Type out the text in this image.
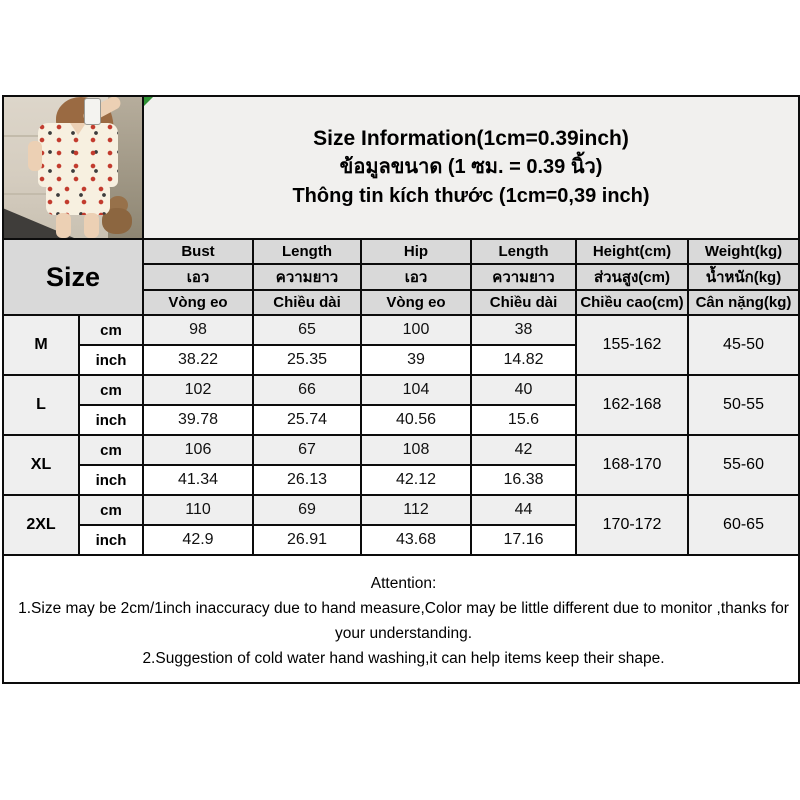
		Size Information(1cm=0.39inch)
ข้อมูลขนาด (1 ซม. = 0.39 นิ้ว)
Thông tin kích thước (1cm=0,39 inch)					

Size		Bust	Length	Hip	Length	Height(cm)	Weight(kg)
		เอว	ความยาว	เอว	ความยาว	ส่วนสูง(cm)	น้ำหนัก(kg)
		Vòng eo	Chiều dài	Vòng eo	Chiều dài	Chiều cao(cm)	Cân nặng(kg)
M	cm	98	65	100	38	155-162	45-50
	inch	38.22	25.35	39	14.82		
L	cm	102	66	104	40	162-168	50-55
	inch	39.78	25.74	40.56	15.6		
XL	cm	106	67	108	42	168-170	55-60
	inch	41.34	26.13	42.12	16.38		
2XL	cm	110	69	112	44	170-172	60-65
	inch	42.9	26.91	43.68	17.16		

Attention:
1.Size may be 2cm/1inch inaccuracy due to hand measure,Color may be little different due to monitor ,thanks for your understanding.
2.Suggestion of cold water hand washing,it can help items keep their shape.							
